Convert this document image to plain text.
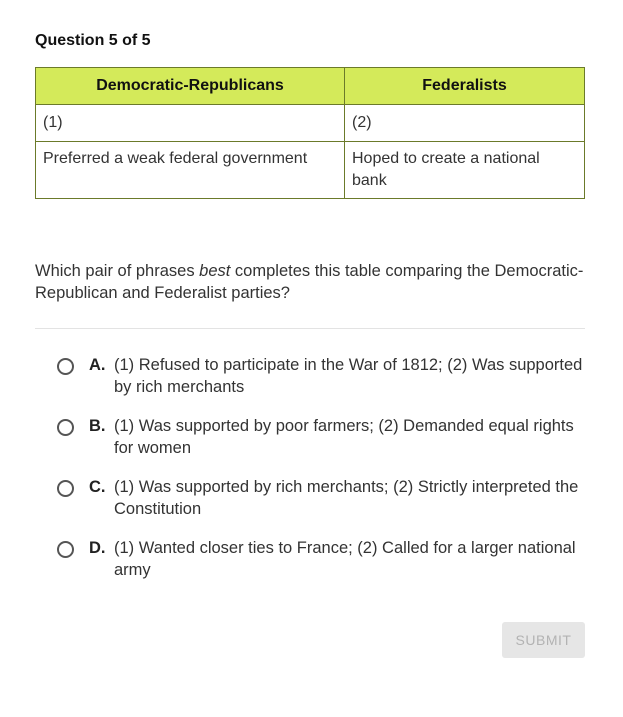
Question 5 of 5
Democratic-Republicans	Federalists
(1)	(2)
Preferred a weak federal government	Hoped to create a national bank
Which pair of phrases best completes this table comparing the Democratic-Republican and Federalist parties?
A. (1) Refused to participate in the War of 1812; (2) Was supported by rich merchants
B. (1) Was supported by poor farmers; (2) Demanded equal rights for women
C. (1) Was supported by rich merchants; (2) Strictly interpreted the Constitution
D. (1) Wanted closer ties to France; (2) Called for a larger national army
SUBMIT
